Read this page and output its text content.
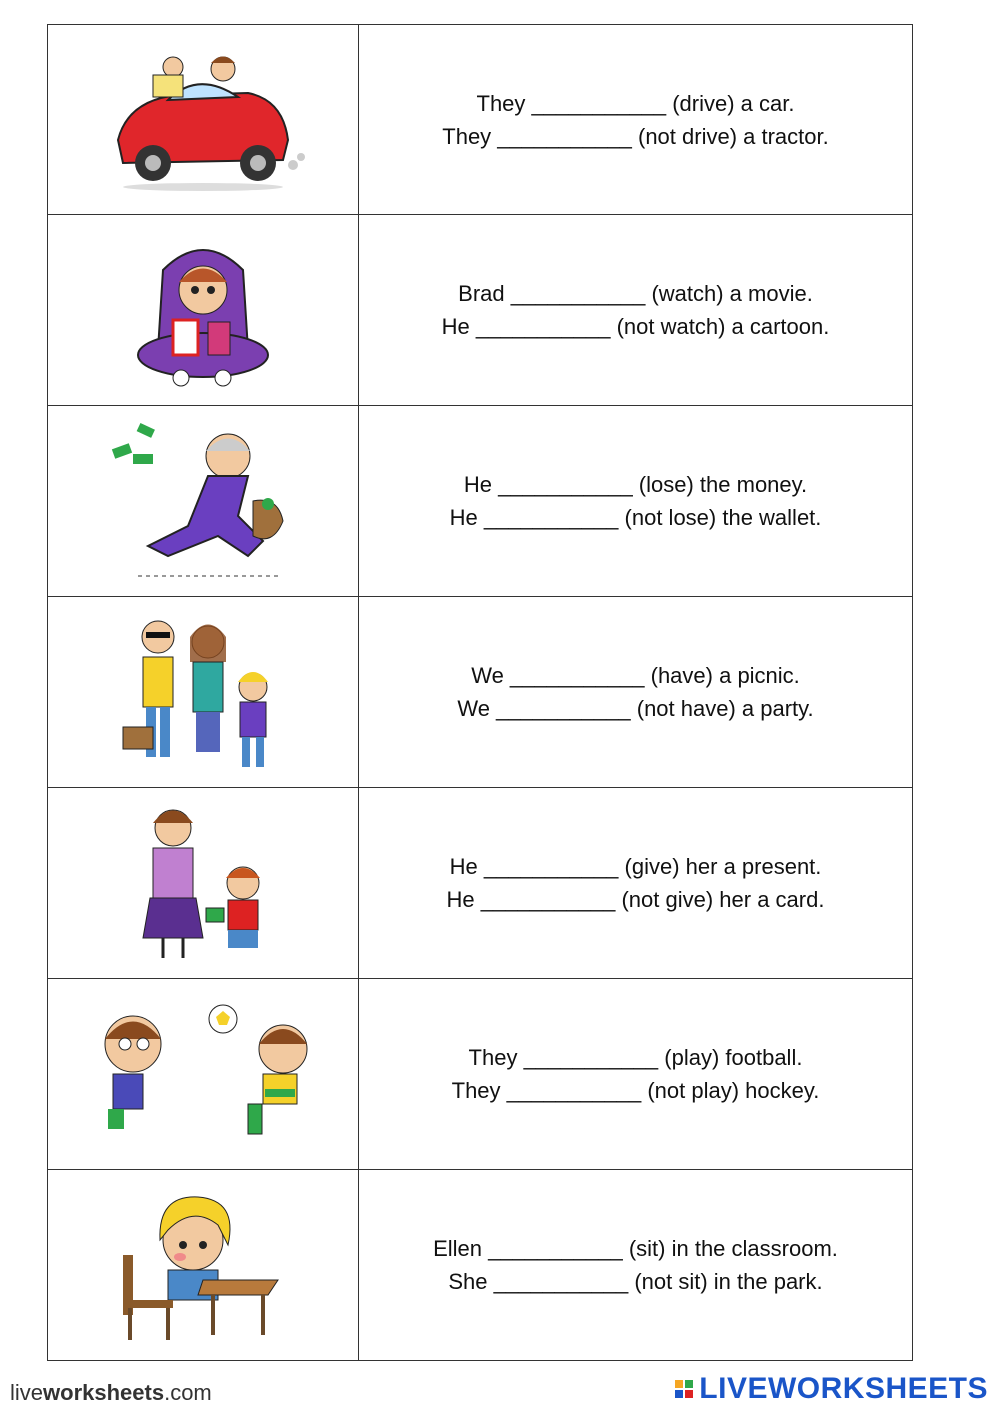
They ___________ (drive) a car.
They ___________ (not drive) a tractor.
Brad ___________ (watch) a movie.
He ___________ (not watch) a cartoon.
He ___________ (lose) the money.
He ___________ (not lose) the wallet.
We ___________ (have) a picnic.
We ___________ (not have) a party.
He ___________ (give) her a present.
He ___________ (not give) her a card.
They ___________ (play) football.
They ___________ (not play) hockey.
Ellen ___________ (sit) in the classroom.
She ___________ (not sit) in the park.
liveworksheets.com	LIVEWORKSHEETS
